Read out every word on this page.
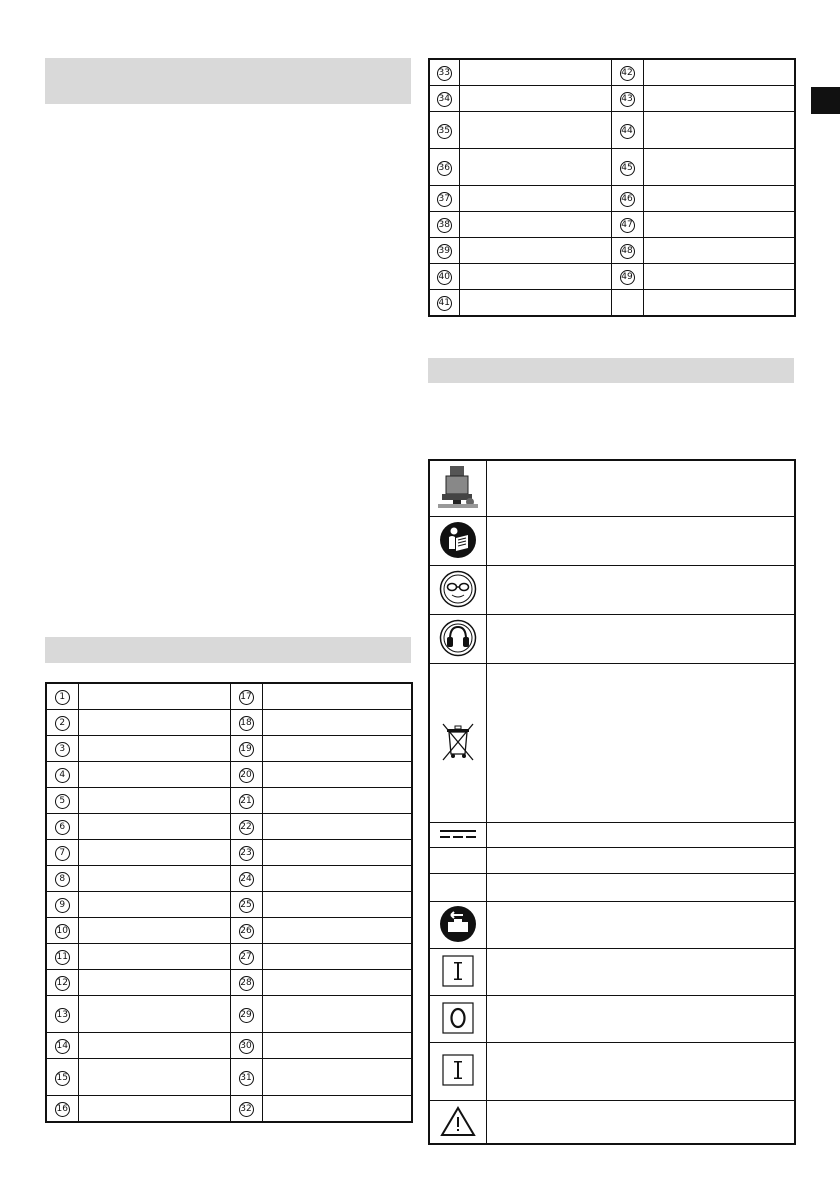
1		17	
2		18	
3		19	
4		20	
5		21	
6		22	
7		23	
8		24	
9		25	
10		26	
11		27	
12		28	
13		29	
14		30	
15		31	
16		32	
33		42	
34		43	
35		44	
36		45	
37		46	
38		47	
39		48	
40		49	
41			
